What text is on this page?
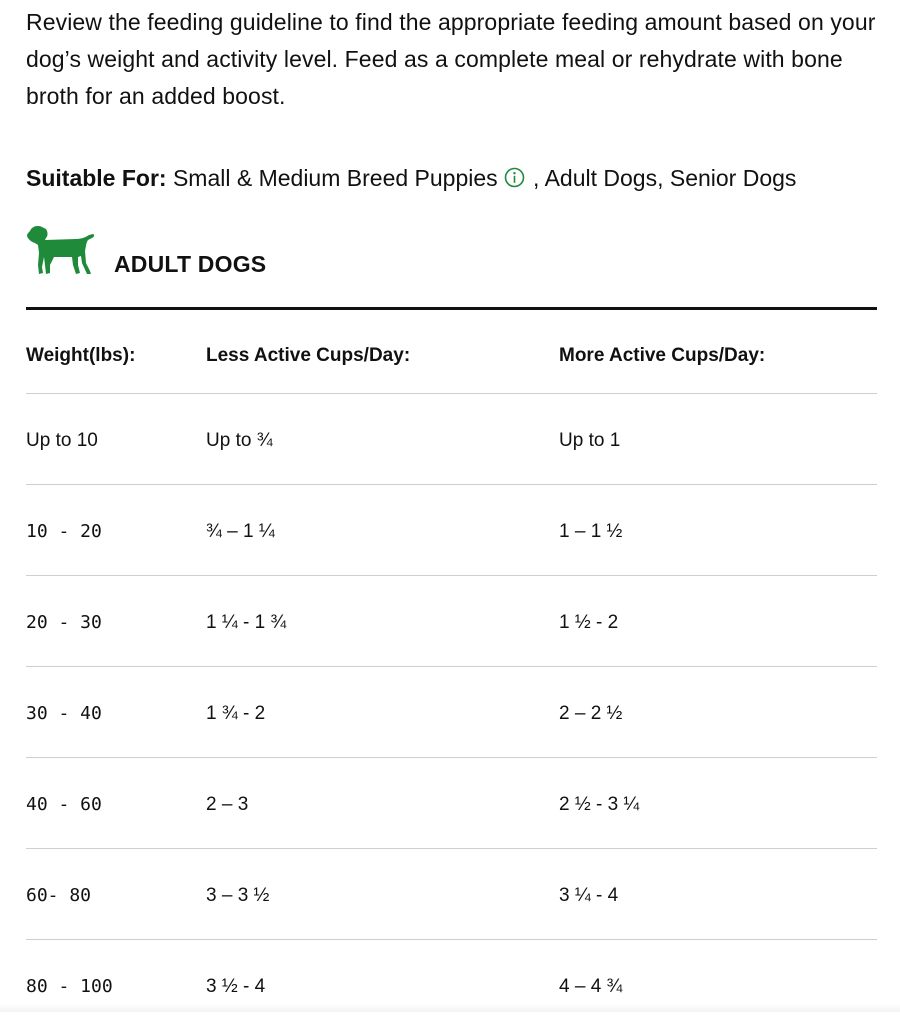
Review the feeding guideline to find the appropriate feeding amount based on your dog’s weight and activity level. Feed as a complete meal or rehydrate with bone broth for an added boost.

Suitable For: Small & Medium Breed Puppies , Adult Dogs, Senior Dogs

ADULT DOGS
Weight(lbs):	Less Active Cups/Day:	More Active Cups/Day:
Up to 10	Up to ¾	Up to 1
10 - 20	¾ – 1 ¼	1 – 1 ½
20 - 30	1 ¼ - 1 ¾	1 ½ - 2
30 - 40	1 ¾ - 2	2 – 2 ½
40 - 60	2 – 3	2 ½ - 3 ¼
60- 80	3 – 3 ½	3 ¼ - 4
80 - 100	3 ½ - 4	4 – 4 ¾
